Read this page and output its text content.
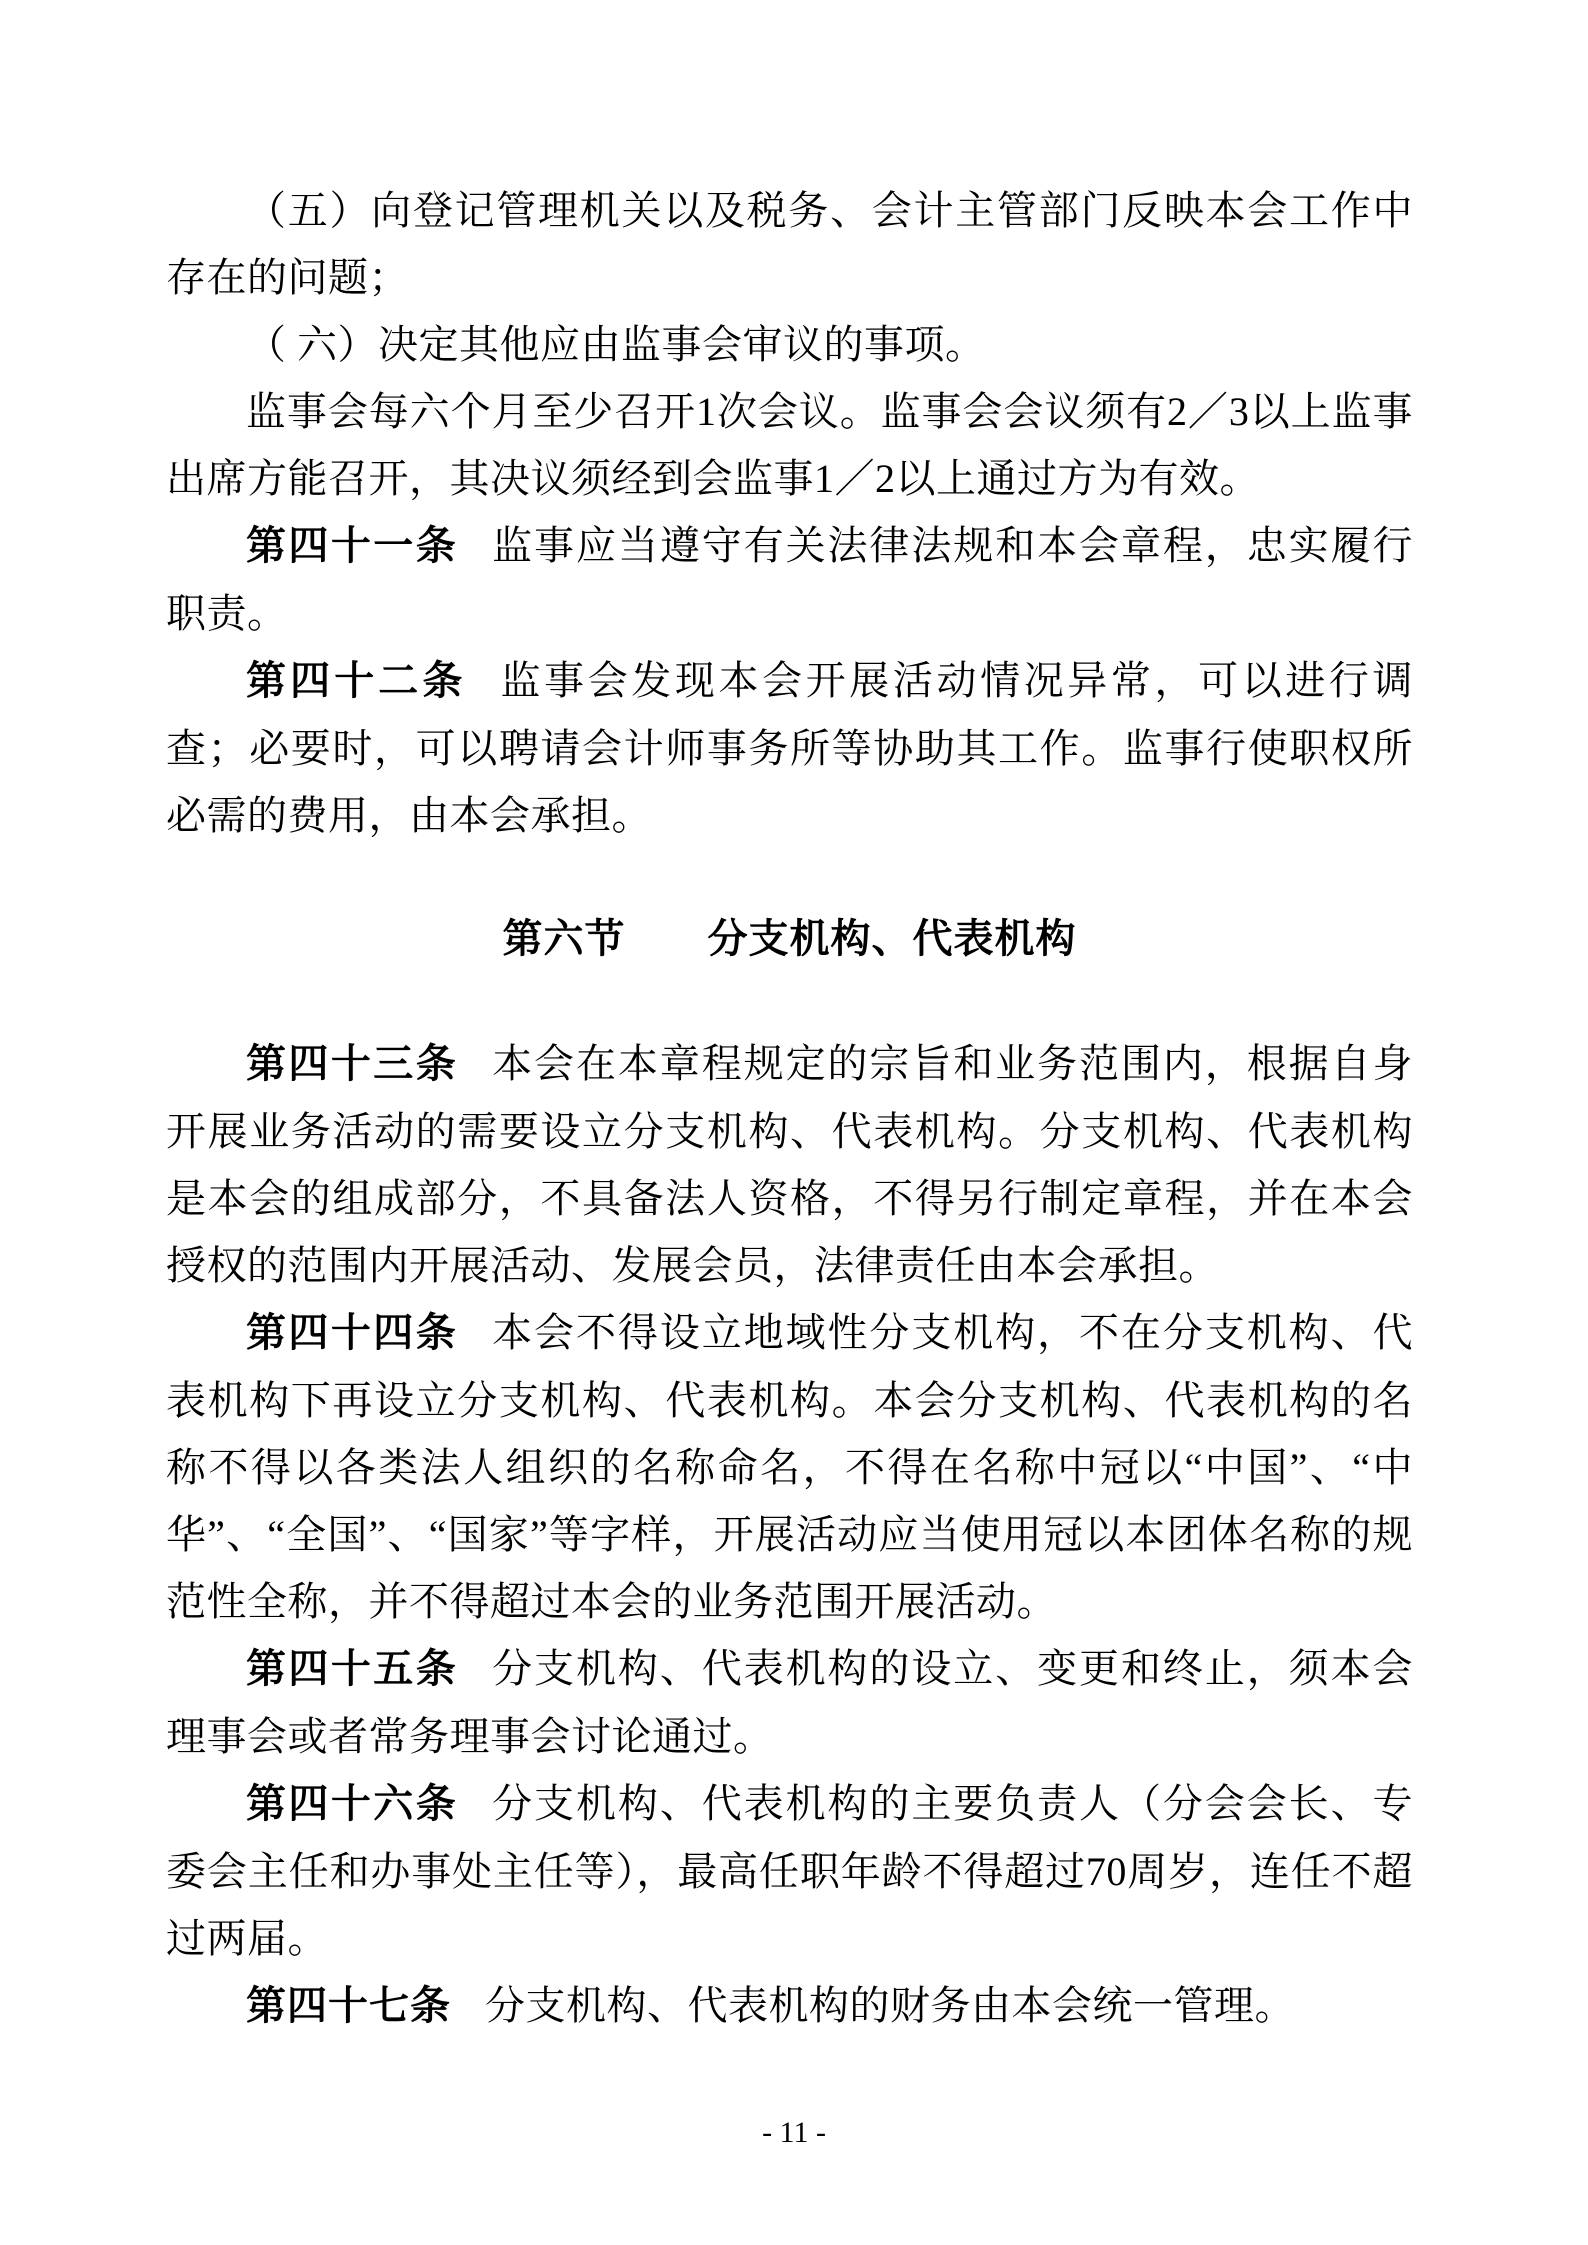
（五）向登记管理机关以及税务、会计主管部门反映本会工作中存在的问题；

（ 六）决定其他应由监事会审议的事项。

监事会每六个月至少召开1次会议。监事会会议须有2／3以上监事出席方能召开，其决议须经到会监事1／2以上通过方为有效。

第四十一条 监事应当遵守有关法律法规和本会章程，忠实履行职责。

第四十二条 监事会发现本会开展活动情况异常，可以进行调查；必要时，可以聘请会计师事务所等协助其工作。监事行使职权所必需的费用，由本会承担。

第六节　　分支机构、代表机构

第四十三条 本会在本章程规定的宗旨和业务范围内，根据自身开展业务活动的需要设立分支机构、代表机构。分支机构、代表机构是本会的组成部分，不具备法人资格，不得另行制定章程，并在本会授权的范围内开展活动、发展会员，法律责任由本会承担。

第四十四条 本会不得设立地域性分支机构，不在分支机构、代表机构下再设立分支机构、代表机构。本会分支机构、代表机构的名称不得以各类法人组织的名称命名，不得在名称中冠以“中国”、“中华”、“全国”、“国家”等字样，开展活动应当使用冠以本团体名称的规范性全称，并不得超过本会的业务范围开展活动。

第四十五条 分支机构、代表机构的设立、变更和终止，须本会理事会或者常务理事会讨论通过。

第四十六条 分支机构、代表机构的主要负责人（分会会长、专委会主任和办事处主任等），最高任职年龄不得超过70周岁，连任不超过两届。

第四十七条 分支机构、代表机构的财务由本会统一管理。

- 11 -
